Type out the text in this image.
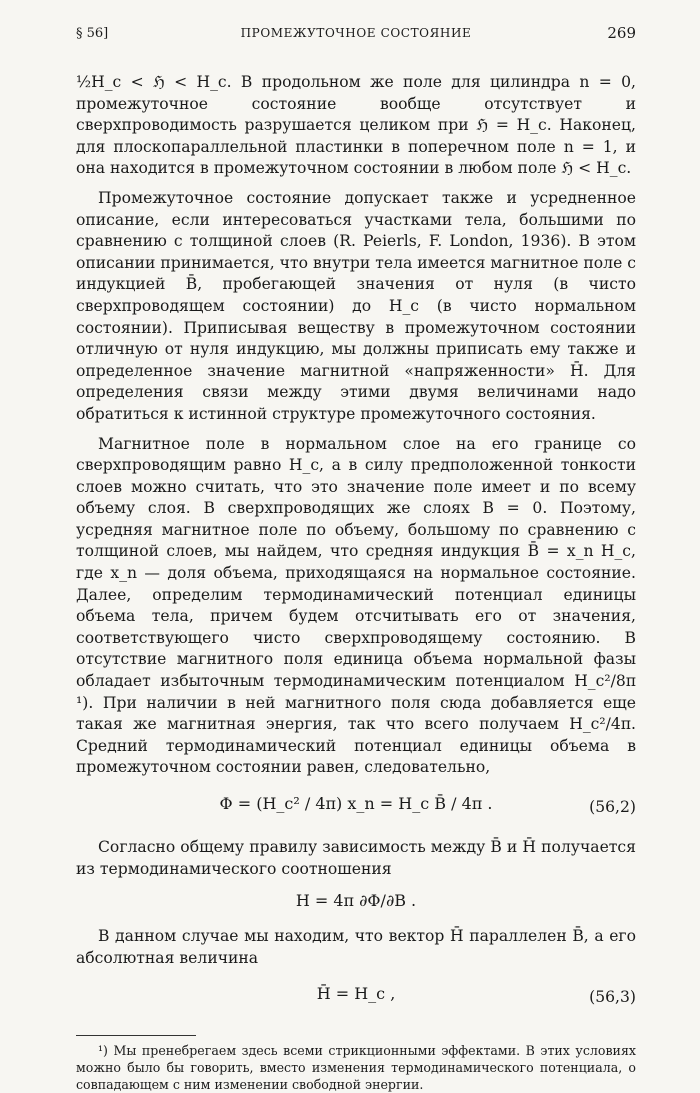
§ 56]	ПРОМЕЖУТОЧНОЕ СОСТОЯНИЕ	269

½H_c < ℌ < H_c. В продольном же поле для цилиндра n = 0, промежуточное состояние вообще отсутствует и сверхпроводимость разрушается целиком при ℌ = H_c. Наконец, для плоскопараллельной пластинки в поперечном поле n = 1, и она находится в промежуточном состоянии в любом поле ℌ < H_c.

Промежуточное состояние допускает также и усредненное описание, если интересоваться участками тела, большими по сравнению с толщиной слоев (R. Peierls, F. London, 1936). В этом описании принимается, что внутри тела имеется магнитное поле с индукцией B̄, пробегающей значения от нуля (в чисто сверхпроводящем состоянии) до H_c (в чисто нормальном состоянии). Приписывая веществу в промежуточном состоянии отличную от нуля индукцию, мы должны приписать ему также и определенное значение магнитной «напряженности» H̄. Для определения связи между этими двумя величинами надо обратиться к истинной структуре промежуточного состояния.

Магнитное поле в нормальном слое на его границе со сверхпроводящим равно H_c, а в силу предположенной тонкости слоев можно считать, что это значение поле имеет и по всему объему слоя. В сверхпроводящих же слоях B = 0. Поэтому, усредняя магнитное поле по объему, большому по сравнению с толщиной слоев, мы найдем, что средняя индукция B̄ = x_n H_c, где x_n — доля объема, приходящаяся на нормальное состояние. Далее, определим термодинамический потенциал единицы объема тела, причем будем отсчитывать его от значения, соответствующего чисто сверхпроводящему состоянию. В отсутствие магнитного поля единица объема нормальной фазы обладает избыточным термодинамическим потенциалом H_c²/8π ¹). При наличии в ней магнитного поля сюда добавляется еще такая же магнитная энергия, так что всего получаем H_c²/4π. Средний термодинамический потенциал единицы объема в промежуточном состоянии равен, следовательно,

Φ = (H_c² / 4π) x_n = H_c B̄ / 4π .	(56,2)

Согласно общему правилу зависимость между B̄ и H̄ получается из термодинамического соотношения

H = 4π ∂Φ/∂B .

В данном случае мы находим, что вектор H̄ параллелен B̄, а его абсолютная величина

H̄ = H_c ,	(56,3)

¹) Мы пренебрегаем здесь всеми стрикционными эффектами. В этих условиях можно было бы говорить, вместо изменения термодинамического потенциала, о совпадающем с ним изменении свободной энергии.
